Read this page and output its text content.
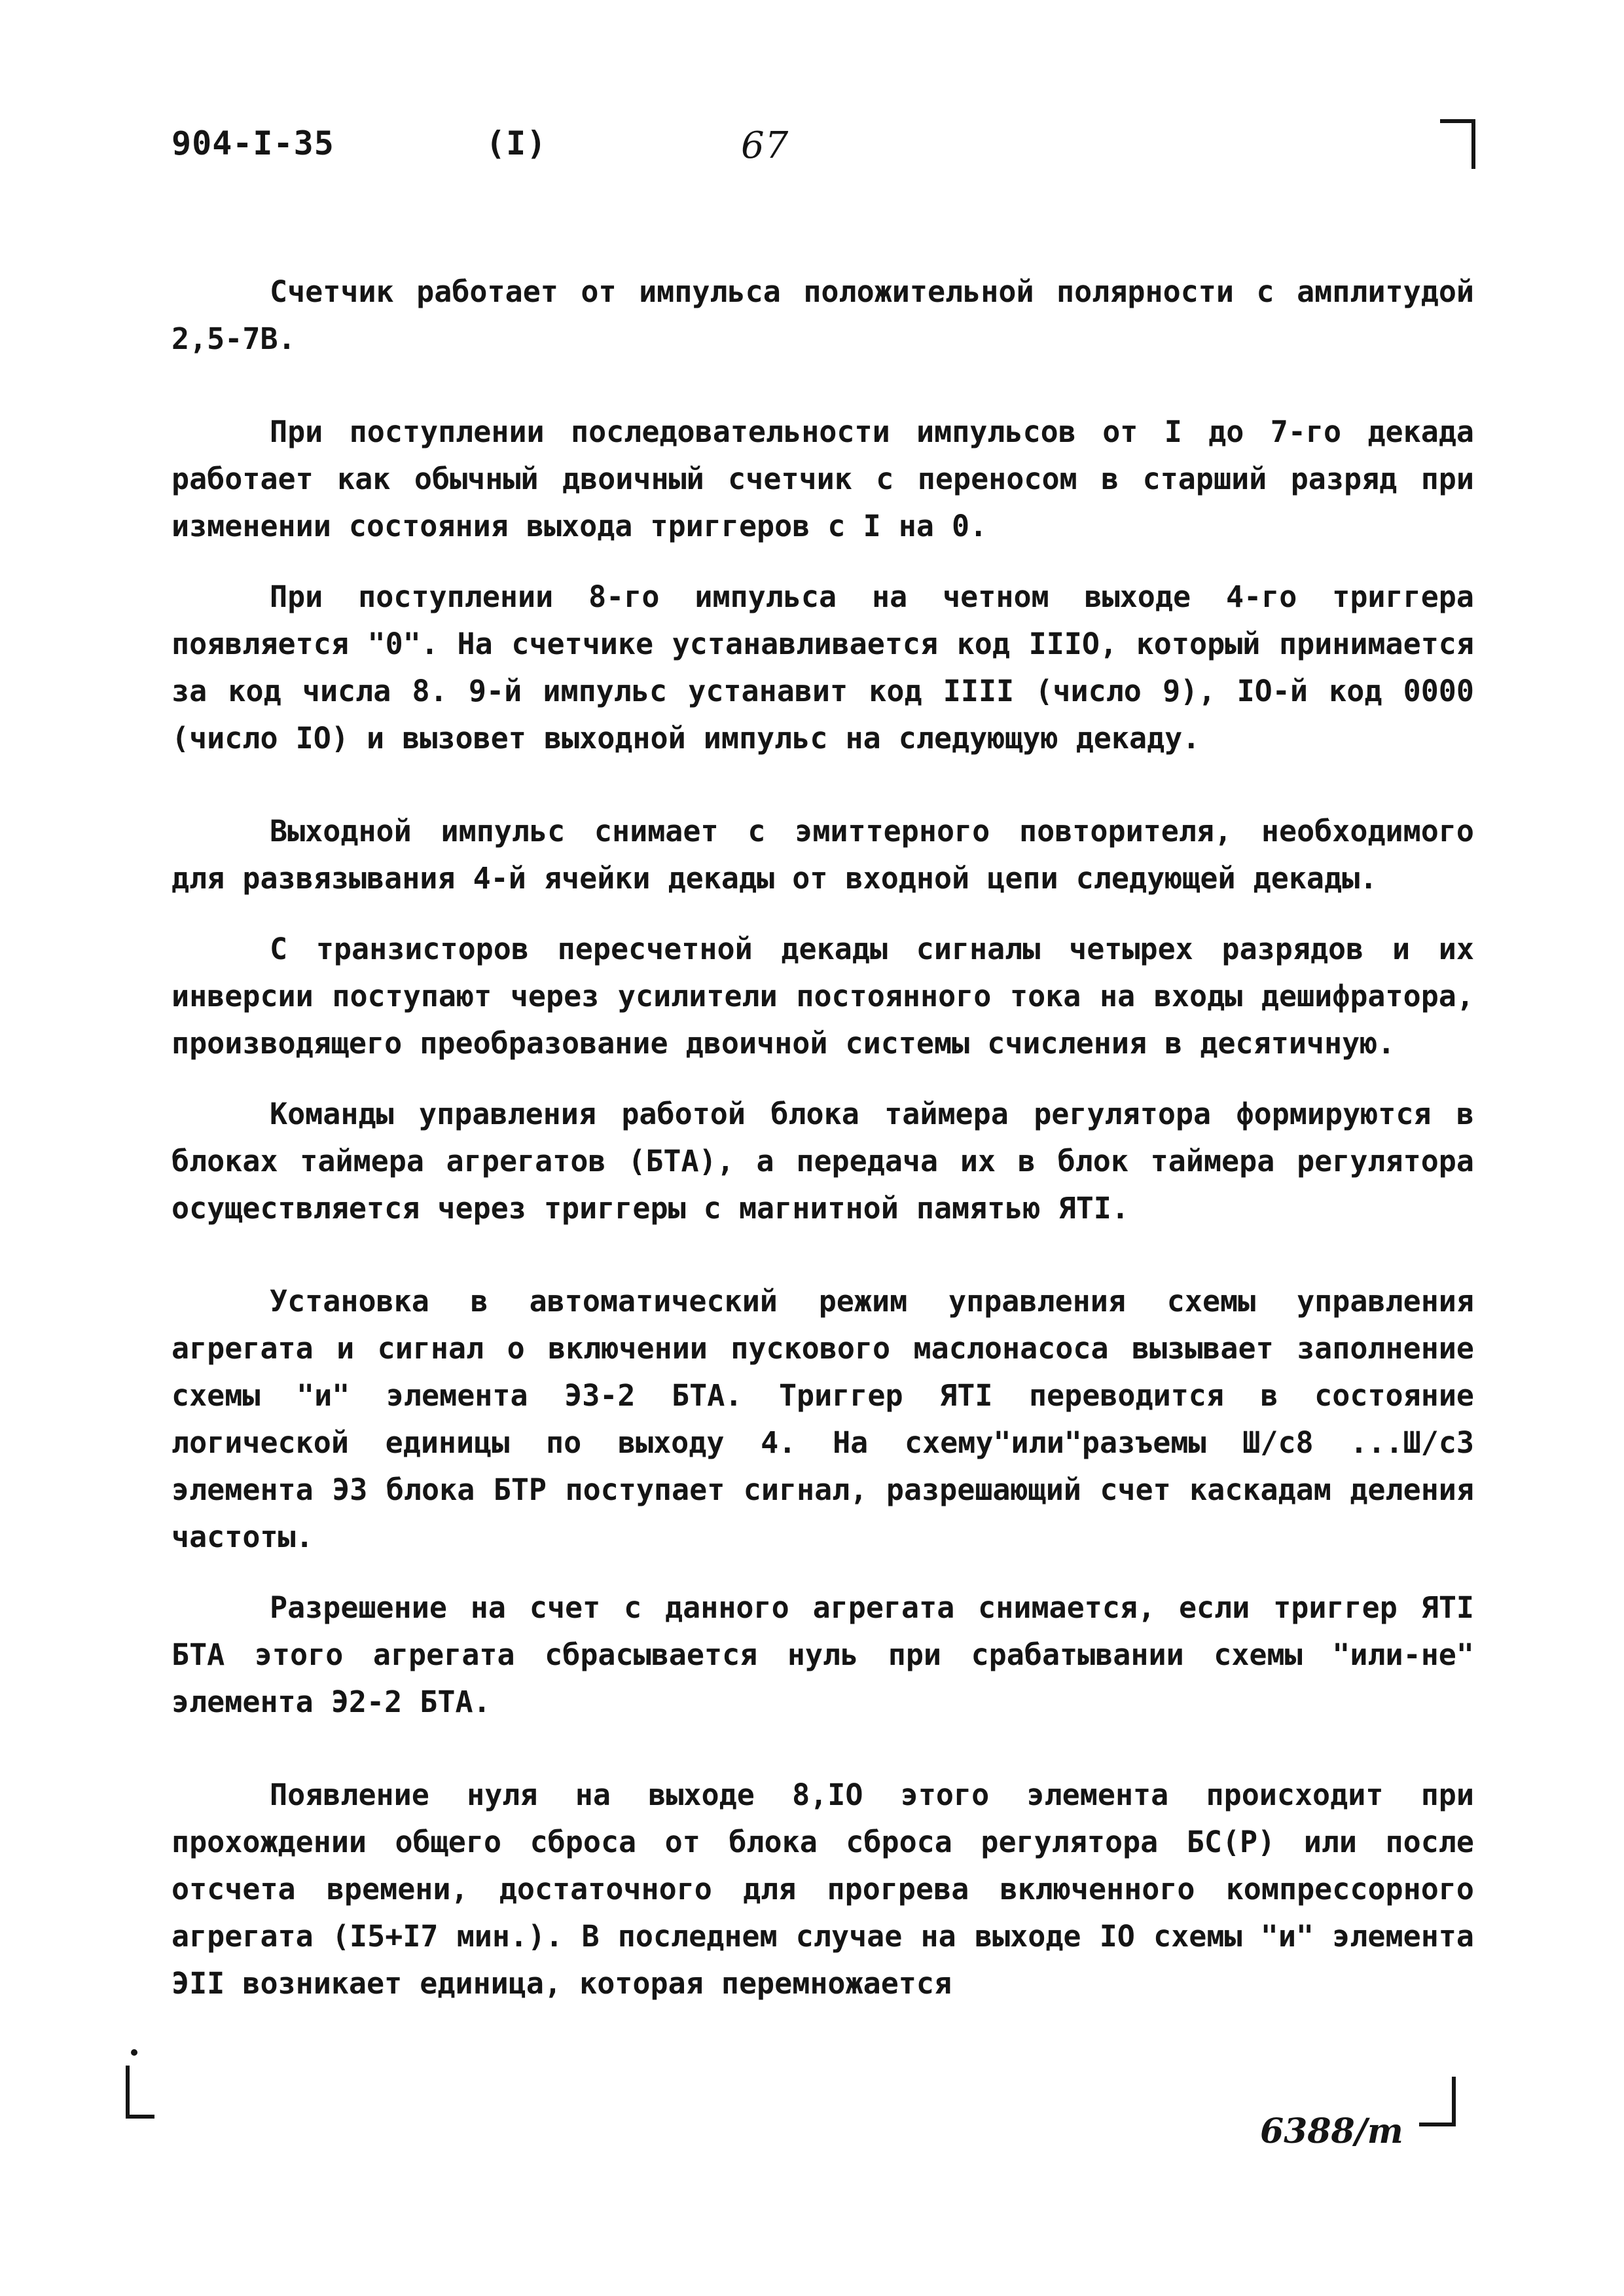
904-I-35	(I)	67

Счетчик работает от импульса положительной полярности с амплитудой 2,5-7В.

При поступлении последовательности импульсов от I до 7-го декада работает как обычный двоичный счетчик с переносом в старший разряд при изменении состояния выхода триггеров с I на 0.

При поступлении 8-го импульса на четном выходе 4-го триггера появляется "0". На счетчике устанавливается код IIIO, который принимается за код числа 8. 9-й импульс устанавит код IIII (число 9), IO-й код 0000 (число IO) и вызовет выходной импульс на следующую декаду.

Выходной импульс снимает с эмиттерного повторителя, необходимого для развязывания 4-й ячейки декады от входной цепи следующей декады.

С транзисторов пересчетной декады сигналы четырех разрядов и их инверсии поступают через усилители постоянного тока на входы дешифратора, производящего преобразование двоичной системы счисления в десятичную.

Команды управления работой блока таймера регулятора формируются в блоках таймера агрегатов (БТА), а передача их в блок таймера регулятора осуществляется через триггеры с магнитной памятью ЯТI.

Установка в автоматический режим управления схемы управления агрегата и сигнал о включении пускового маслонасоса вызывает заполнение схемы "и" элемента ЭЗ-2 БТА. Триггер ЯТI переводится в состояние логической единицы по выходу 4. На схему"или"разъемы Ш/с8 ...Ш/с3 элемента ЭЗ блока БТР поступает сигнал, разрешающий счет каскадам деления частоты.

Разрешение на счет с данного агрегата снимается, если триггер ЯТI БТА этого агрегата сбрасывается нуль при срабатывании схемы "или-не" элемента Э2-2 БТА.

Появление нуля на выходе 8,IO этого элемента происходит при прохождении общего сброса от блока сброса регулятора БС(Р) или после отсчета времени, достаточного для прогрева включенного компрессорного агрегата (I5+I7 мин.). В последнем случае на выходе IO схемы "и" элемента ЭII возникает единица, которая перемножается

6388/т
